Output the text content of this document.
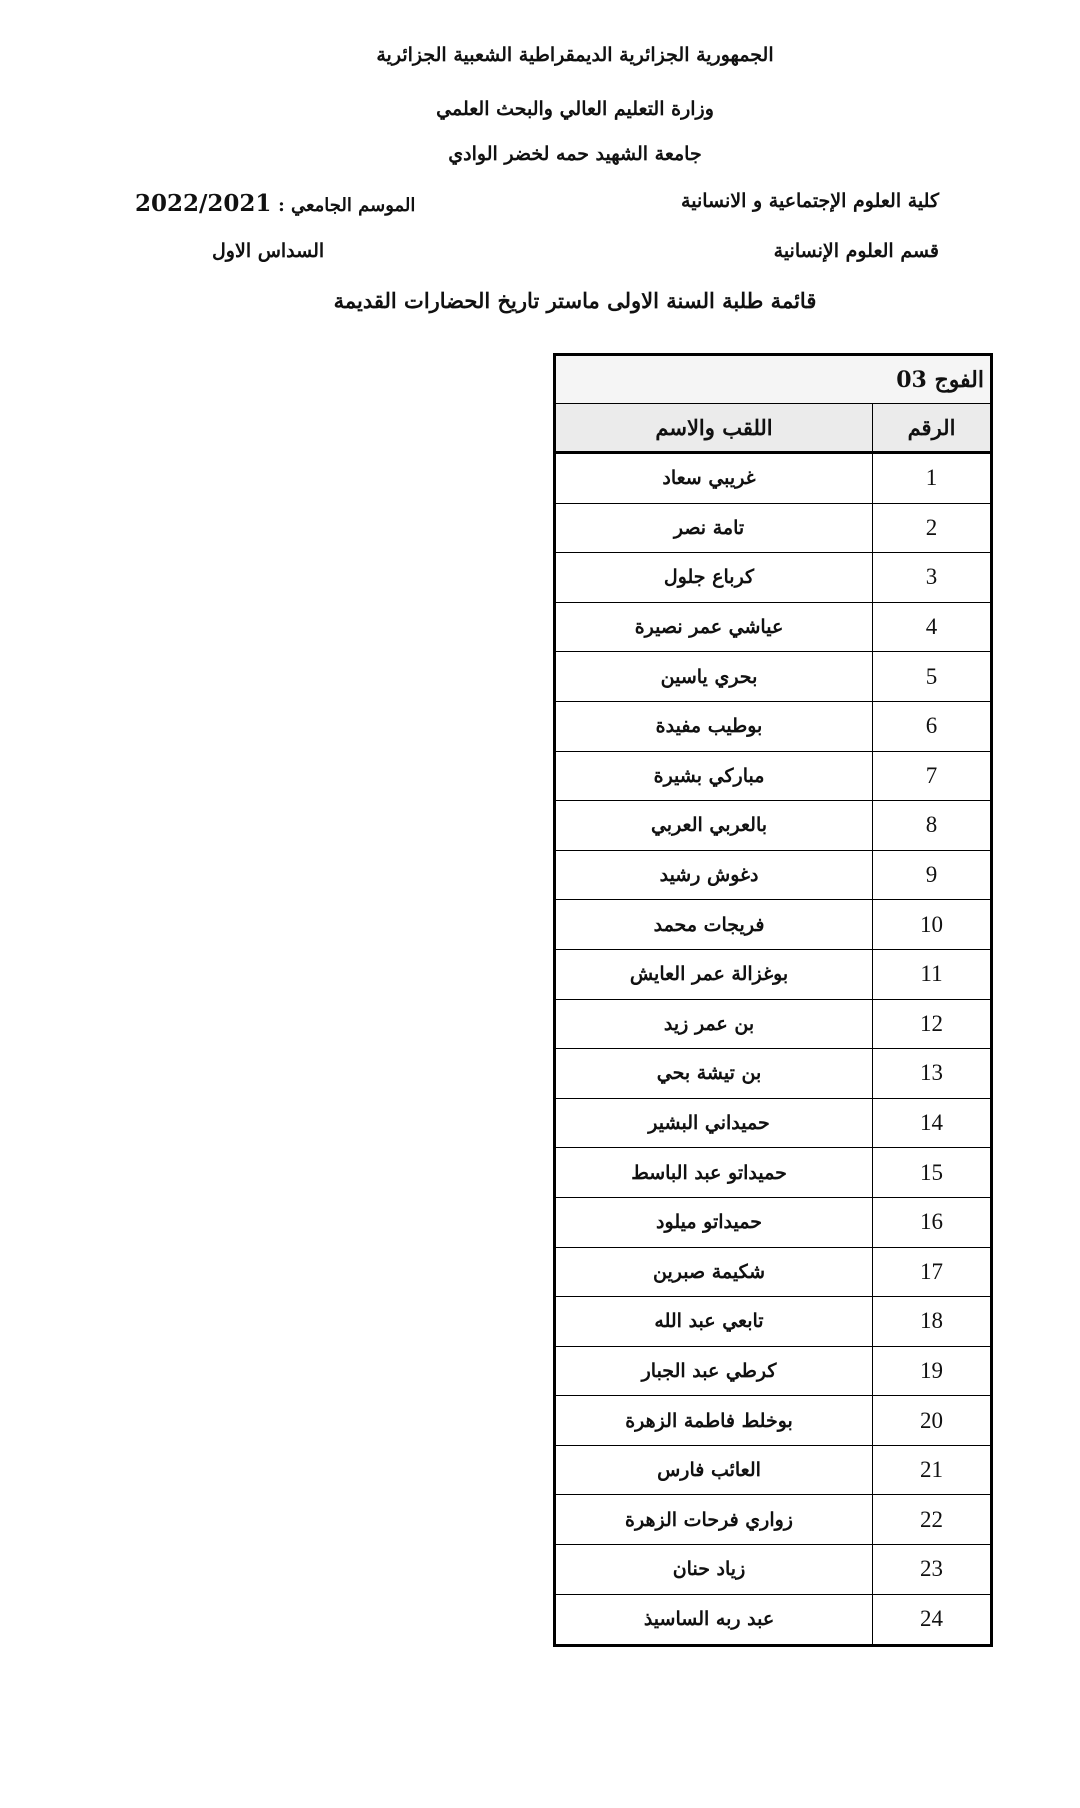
الجمهورية الجزائرية الديمقراطية الشعبية الجزائرية
وزارة التعليم العالي والبحث العلمي
جامعة الشهيد حمه لخضر الوادي
كلية العلوم الإجتماعية و الانسانية
2022/2021 الموسم الجامعي :
قسم العلوم الإنسانية
السداس الاول
قائمة طلبة السنة الاولى ماستر تاريخ الحضارات القديمة
الفوج 03
الرقم
اللقب والاسم
1
غريبي سعاد
2
تامة نصر
3
كرباع جلول
4
عياشي عمر نصيرة
5
بحري ياسين
6
بوطيب مفيدة
7
مباركي بشيرة
8
بالعربي العربي
9
دغوش رشيد
10
فريجات محمد
11
بوغزالة عمر العايش
12
بن عمر زيد
13
بن تيشة بحي
14
حميداني البشير
15
حميداتو عبد الباسط
16
حميداتو ميلود
17
شكيمة صبرين
18
تابعي عبد الله
19
كرطي عبد الجبار
20
بوخلط فاطمة الزهرة
21
العائب فارس
22
زواري فرحات الزهرة
23
زياد حنان
24
عبد ربه الساسيذ
